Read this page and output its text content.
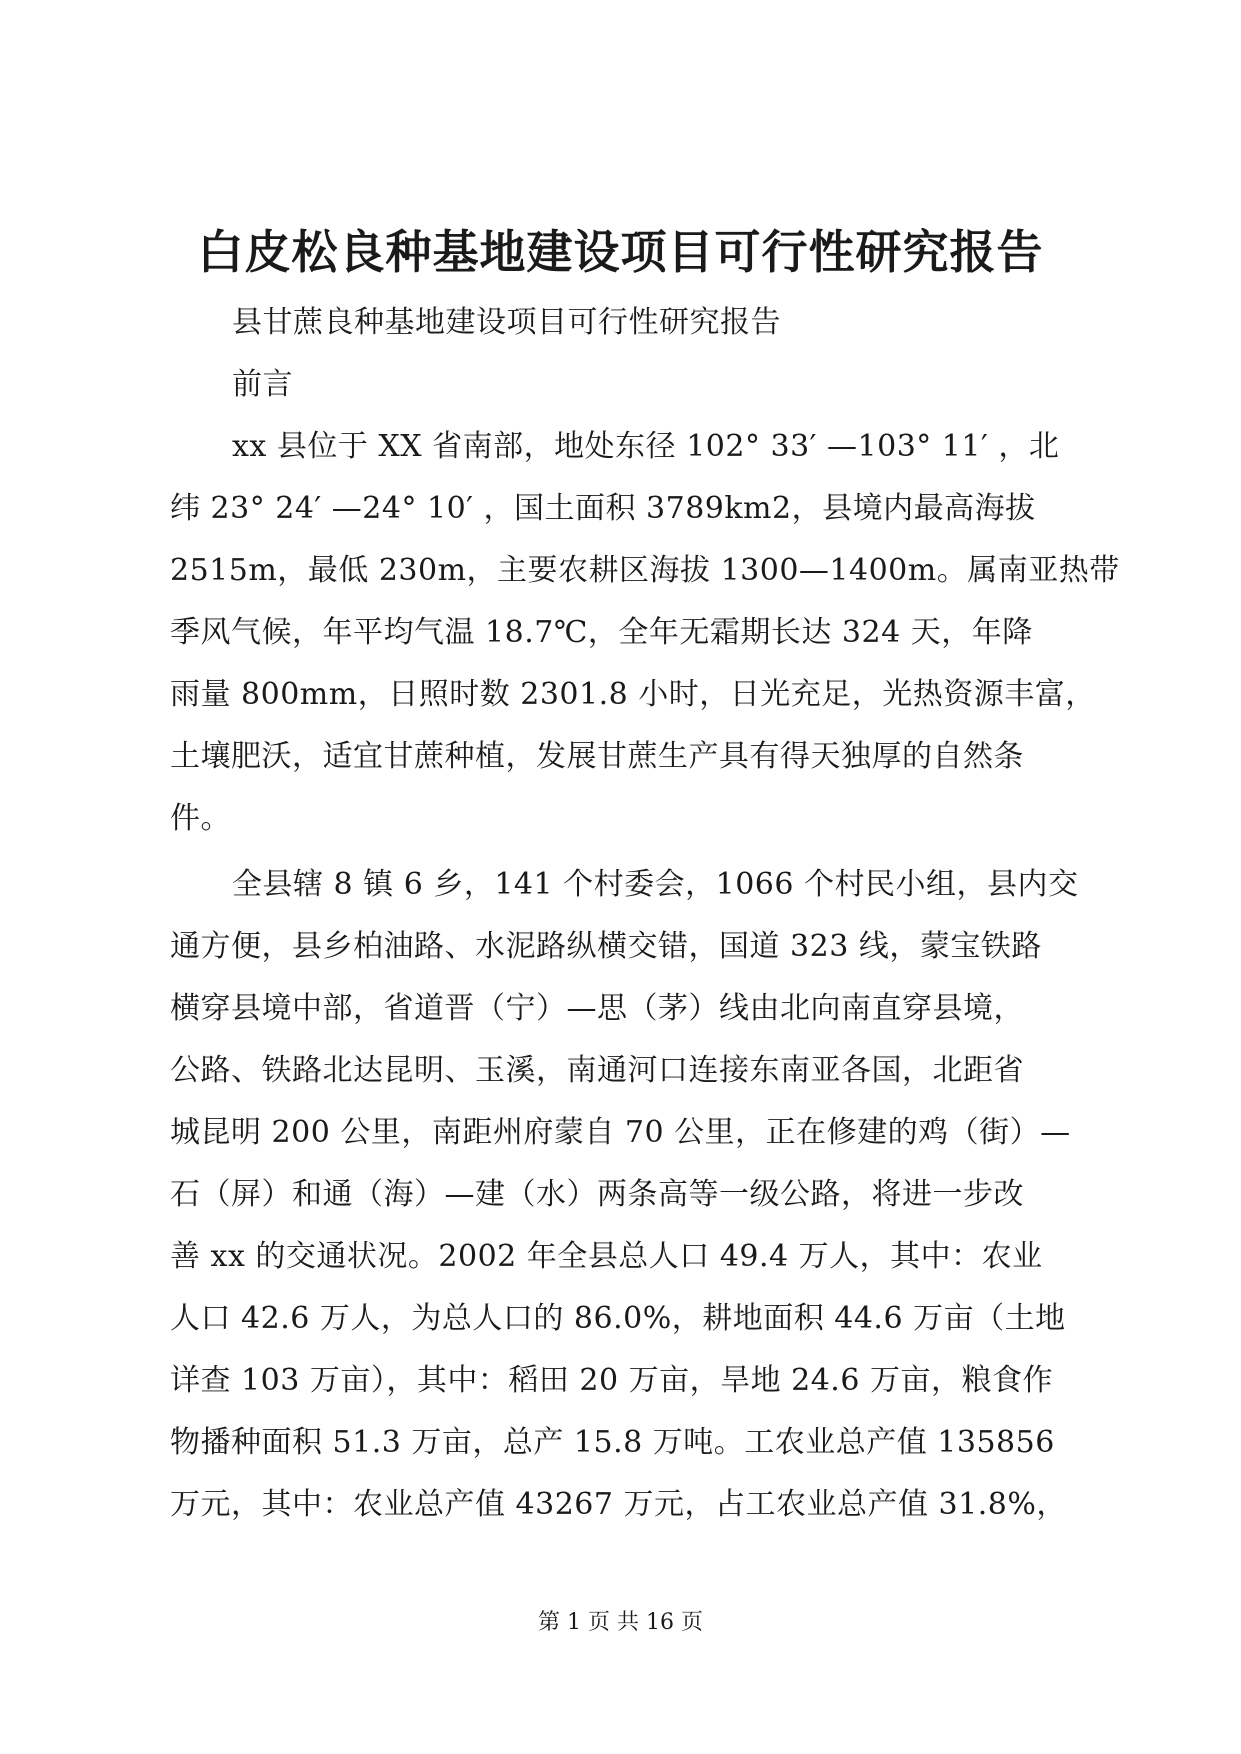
白皮松良种基地建设项目可行性研究报告
县甘蔗良种基地建设项目可行性研究报告
前言
xx 县位于 XX 省南部，地处东径 102° 33′ —103° 11′ ，北
纬 23° 24′ —24° 10′ ，国土面积 3789km2，县境内最高海拔
2515m，最低 230m，主要农耕区海拔 1300—1400m。属南亚热带
季风气候，年平均气温 18.7℃，全年无霜期长达 324 天，年降
雨量 800mm，日照时数 2301.8 小时，日光充足，光热资源丰富，
土壤肥沃，适宜甘蔗种植，发展甘蔗生产具有得天独厚的自然条
件。
全县辖 8 镇 6 乡，141 个村委会，1066 个村民小组，县内交
通方便，县乡柏油路、水泥路纵横交错，国道 323 线，蒙宝铁路
横穿县境中部，省道晋（宁）—思（茅）线由北向南直穿县境，
公路、铁路北达昆明、玉溪，南通河口连接东南亚各国，北距省
城昆明 200 公里，南距州府蒙自 70 公里，正在修建的鸡（街）—
石（屏）和通（海）—建（水）两条高等一级公路，将进一步改
善 xx 的交通状况。2002 年全县总人口 49.4 万人，其中：农业
人口 42.6 万人，为总人口的 86.0%，耕地面积 44.6 万亩（土地
详查 103 万亩），其中：稻田 20 万亩，旱地 24.6 万亩，粮食作
物播种面积 51.3 万亩，总产 15.8 万吨。工农业总产值 135856
万元，其中：农业总产值 43267 万元，占工农业总产值 31.8%，
第 1 页 共 16 页
